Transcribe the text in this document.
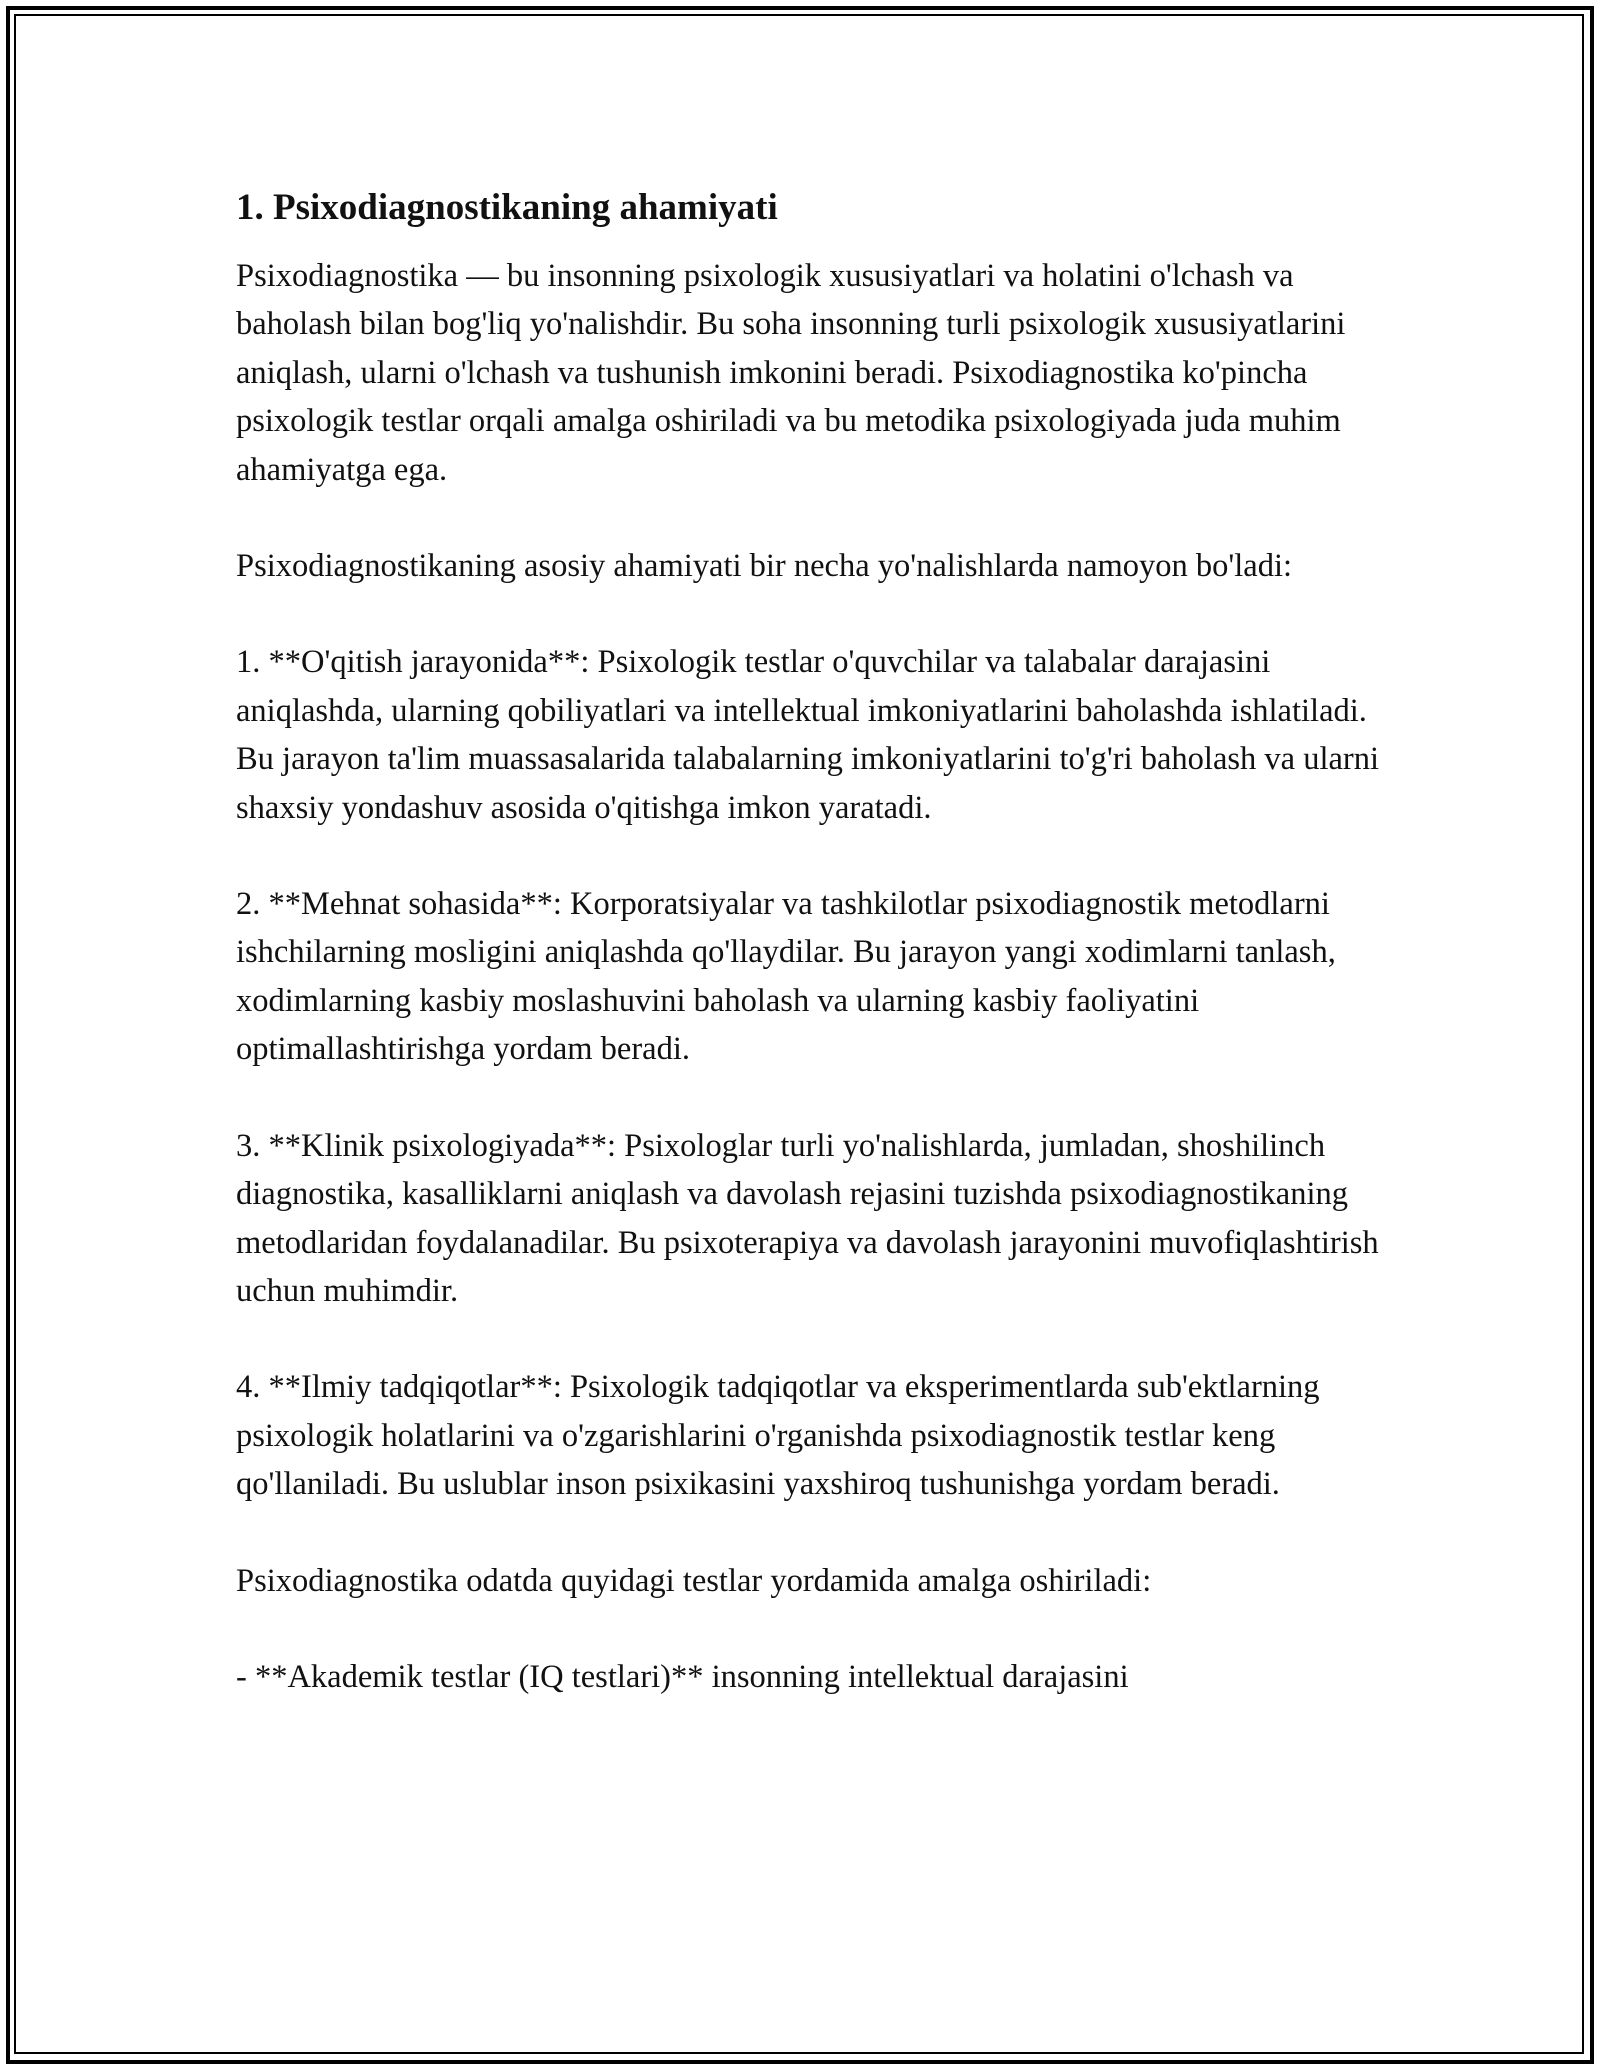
1. Psixodiagnostikaning ahamiyati

Psixodiagnostika — bu insonning psixologik xususiyatlari va holatini o'lchash va baholash bilan bog'liq yo'nalishdir. Bu soha insonning turli psixologik xususiyatlarini aniqlash, ularni o'lchash va tushunish imkonini beradi. Psixodiagnostika ko'pincha psixologik testlar orqali amalga oshiriladi va bu metodika psixologiyada juda muhim ahamiyatga ega.

Psixodiagnostikaning asosiy ahamiyati bir necha yo'nalishlarda namoyon bo'ladi:

1. **O'qitish jarayonida**: Psixologik testlar o'quvchilar va talabalar darajasini aniqlashda, ularning qobiliyatlari va intellektual imkoniyatlarini baholashda ishlatiladi. Bu jarayon ta'lim muassasalarida talabalarning imkoniyatlarini to'g'ri baholash va ularni shaxsiy yondashuv asosida o'qitishga imkon yaratadi.

2. **Mehnat sohasida**: Korporatsiyalar va tashkilotlar psixodiagnostik metodlarni ishchilarning mosligini aniqlashda qo'llaydilar. Bu jarayon yangi xodimlarni tanlash, xodimlarning kasbiy moslashuvini baholash va ularning kasbiy faoliyatini optimallashtirishga yordam beradi.

3. **Klinik psixologiyada**: Psixologlar turli yo'nalishlarda, jumladan, shoshilinch diagnostika, kasalliklarni aniqlash va davolash rejasini tuzishda psixodiagnostikaning metodlaridan foydalanadilar. Bu psixoterapiya va davolash jarayonini muvofiqlashtirish uchun muhimdir.

4. **Ilmiy tadqiqotlar**: Psixologik tadqiqotlar va eksperimentlarda sub'ektlarning psixologik holatlarini va o'zgarishlarini o'rganishda psixodiagnostik testlar keng qo'llaniladi. Bu uslublar inson psixikasini yaxshiroq tushunishga yordam beradi.

Psixodiagnostika odatda quyidagi testlar yordamida amalga oshiriladi:

- **Akademik testlar (IQ testlari)** insonning intellektual darajasini
